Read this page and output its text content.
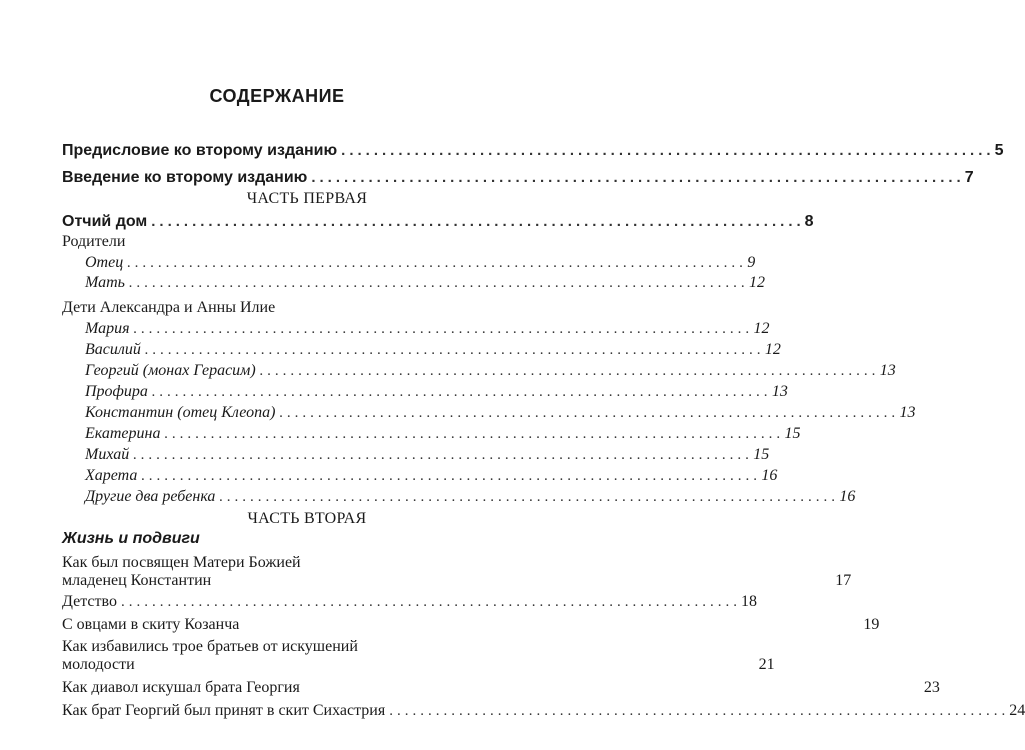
СОДЕРЖАНИЕ
Предисловие ко второму изданию ................................................................................ 5
Введение ко второму изданию ................................................................................ 7
ЧАСТЬ ПЕРВАЯ
Отчий дом ................................................................................ 8
Родители
Отец ................................................................................ 9
Мать ................................................................................ 12
Дети Александра и Анны Илие
Мария ................................................................................ 12
Василий ................................................................................ 12
Георгий (монах Герасим) ................................................................................ 13
Профира ................................................................................ 13
Константин (отец Клеопа) ................................................................................ 13
Екатерина ................................................................................ 15
Михай ................................................................................ 15
Харета ................................................................................ 16
Другие два ребенка ................................................................................ 16
ЧАСТЬ ВТОРАЯ
Жизнь и подвиги
Как был посвящен Матери Божией
младенец Константин	17
Детство ................................................................................ 18
С овцами в скиту Козанча	19
Как избавились трое братьев от искушений
молодости	21
Как диавол искушал брата Георгия	23
Как брат Георгий был принят в скит Сихастрия ................................................................................ 24
